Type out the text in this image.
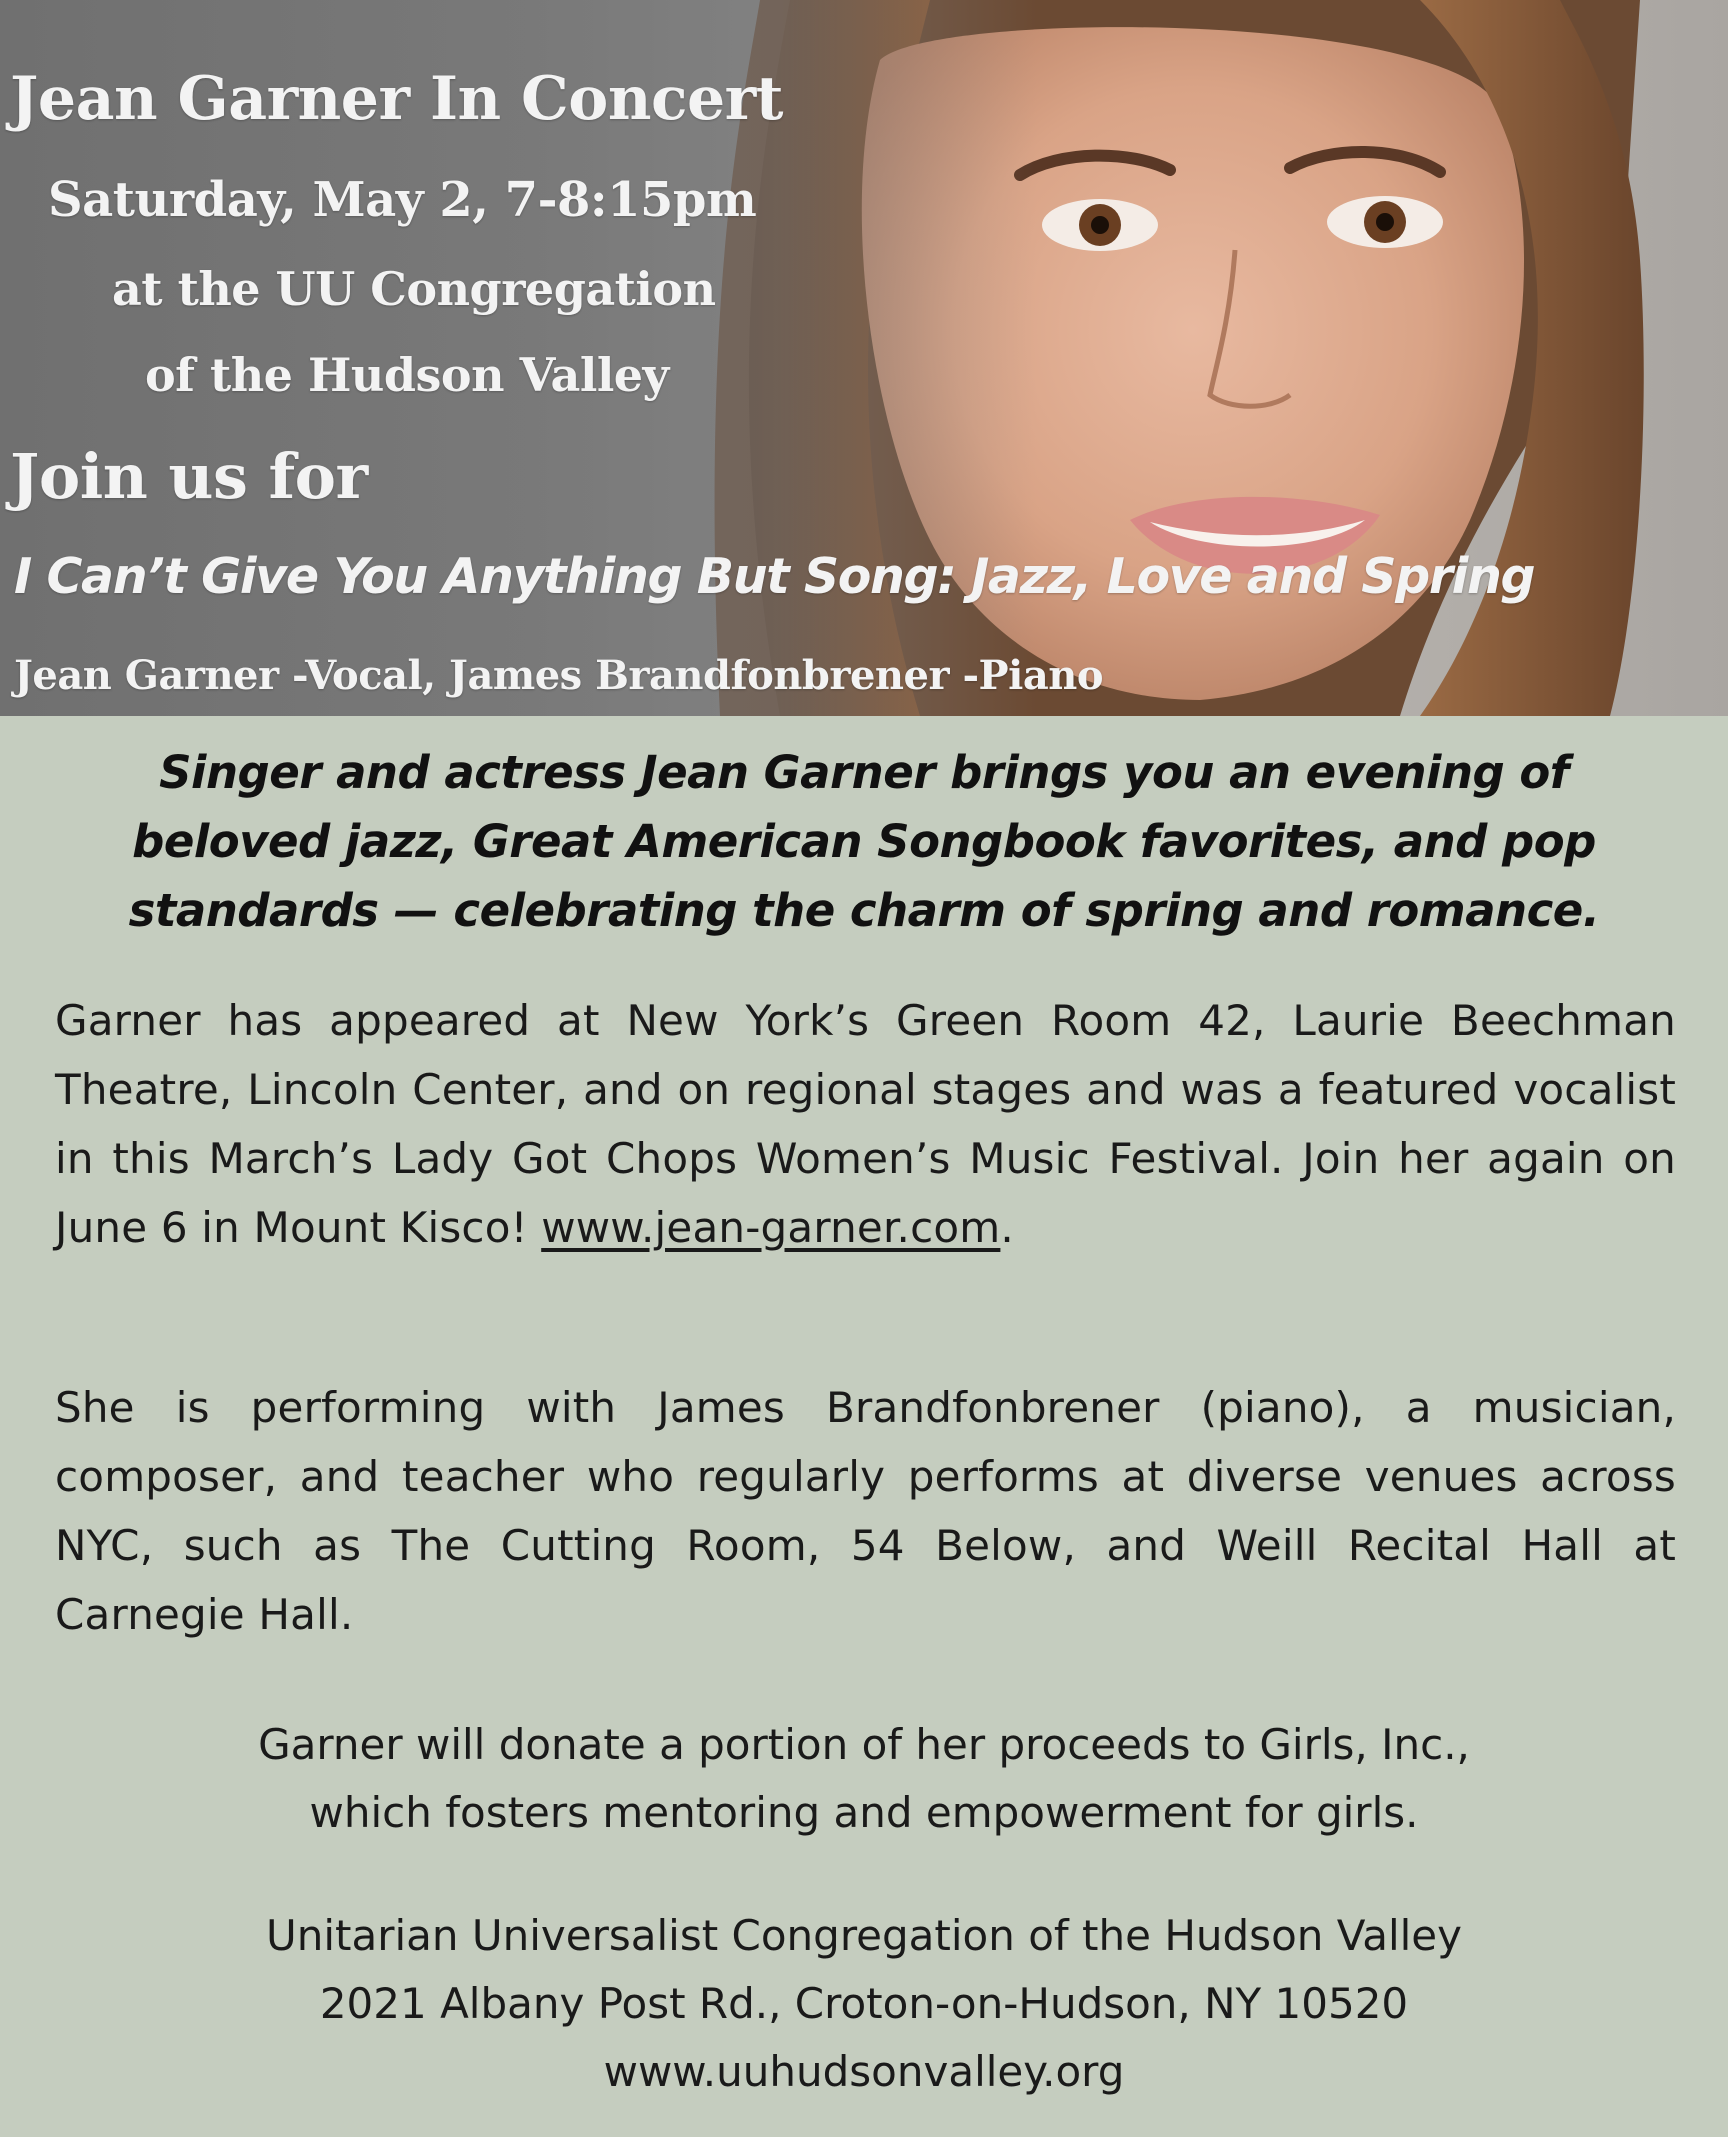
Jean Garner In Concert
Saturday, May 2, 7-8:15pm
at the UU Congregation
of the Hudson Valley
Join us for
I Can’t Give You Anything But Song: Jazz, Love and Spring
Jean Garner -Vocal, James Brandfonbrener -Piano
Singer and actress Jean Garner brings you an evening of
beloved jazz, Great American Songbook favorites, and pop
standards — celebrating the charm of spring and romance.
Garner has appeared at New York’s Green Room 42, Laurie Beechman Theatre, Lincoln Center, and on regional stages and was a featured vocalist in this March’s Lady Got Chops Women’s Music Festival. Join her again on June 6 in Mount Kisco! www.jean-garner.com.
She is performing with James Brandfonbrener (piano), a musician, composer, and teacher who regularly performs at diverse venues across NYC, such as The Cutting Room, 54 Below, and Weill Recital Hall at Carnegie Hall.
Garner will donate a portion of her proceeds to Girls, Inc.,
which fosters mentoring and empowerment for girls.
Unitarian Universalist Congregation of the Hudson Valley
2021 Albany Post Rd., Croton-on-Hudson, NY 10520
www.uuhudsonvalley.org
